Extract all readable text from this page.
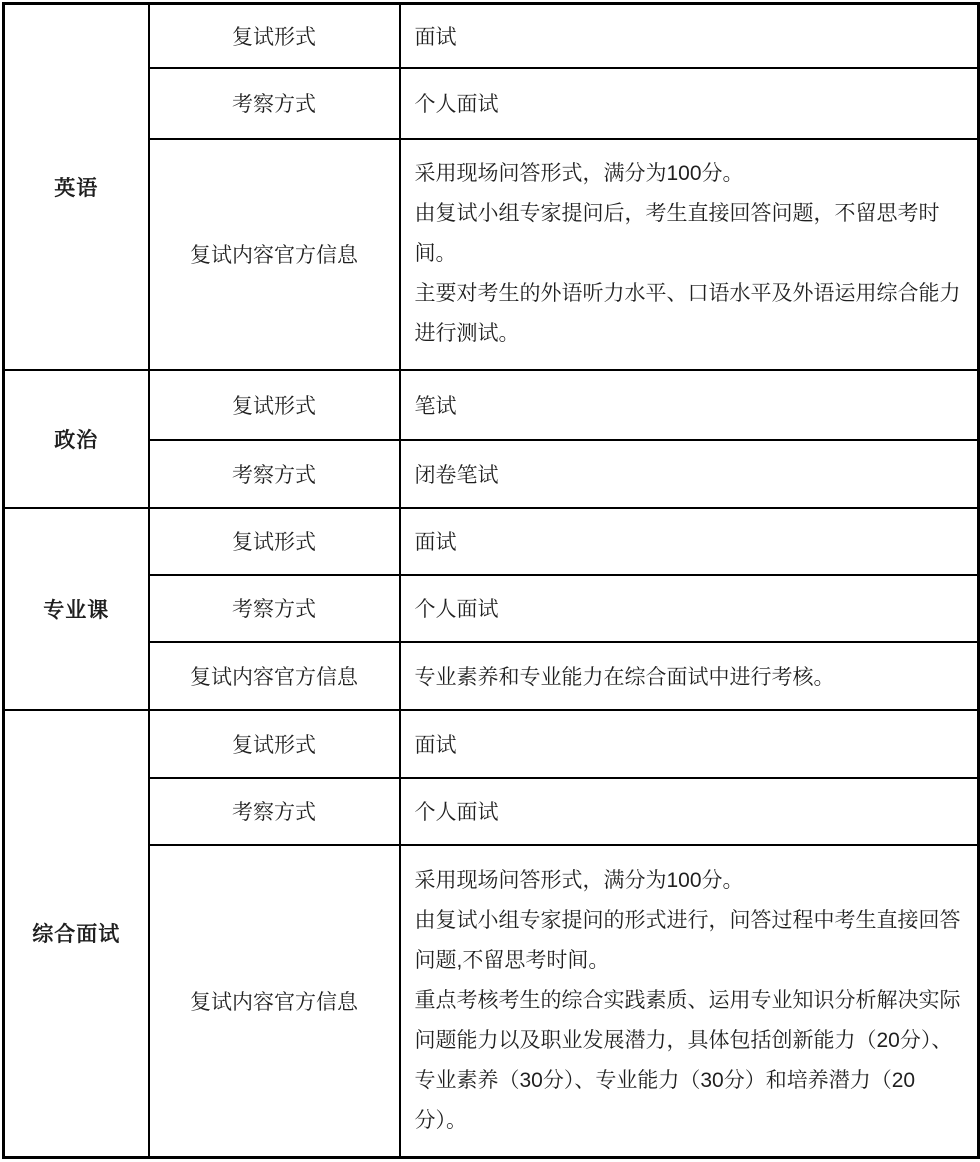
英语	复试形式	面试
	考察方式	个人面试
	复试内容官方信息	采用现场问答形式，满分为100分。

由复试小组专家提问后，考生直接回答问题，不留思考时间。

主要对考生的外语听力水平、口语水平及外语运用综合能力进行测试。

政治	复试形式	笔试
	考察方式	闭卷笔试
专业课	复试形式	面试
	考察方式	个人面试
	复试内容官方信息	专业素养和专业能力在综合面试中进行考核。
综合面试	复试形式	面试
	考察方式	个人面试
	复试内容官方信息	采用现场问答形式，满分为100分。

由复试小组专家提问的形式进行，问答过程中考生直接回答问题,不留思考时间。

重点考核考生的综合实践素质、运用专业知识分析解决实际问题能力以及职业发展潜力，具体包括创新能力（20分）、专业素养（30分）、专业能力（30分）和培养潜力（20分）。
